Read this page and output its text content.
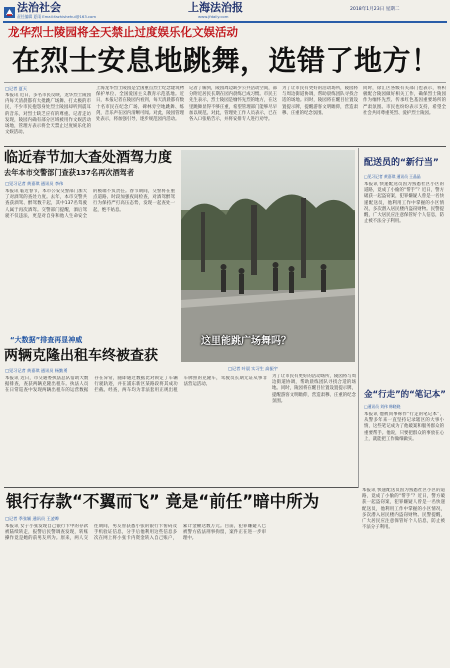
法治社会
责任编辑 夏雨 Email:fazhishehui@163.com
上海法治报
www.jfdaily.com
2018年1月23日 星期二
龙华烈士陵园将全天禁止过度娱乐化文娱活动
在烈士安息地跳舞，选错了地方！
□记者 夏天
本报讯 近日，多名市民反映，龙华烈士陵园内每天清晨都有大批跳广场舞、打太极的市民，不少市民抱怨身处烈士陵园却听到震耳的音乐，对烈士缺乏应有的尊重。记者走访发现，陵园内确有部分区域被用作文娱活动场地，管理方表示将全天禁止过度娱乐化的文娱活动。
上海龙华烈士陵园是全国重点烈士纪念建筑物保护单位、全国爱国主义教育示范基地。近日，本报记者在陵园内看到，每天清晨都有数十名市民在纪念广场、碑林旁空地跳舞、练剑，音乐声在园内清晰可闻。对此，陵园管理处表示，将加强引导，逐步规范园内活动。
记者了解到，陵园周边缺少公共活动空间，部分附近居民长期在园内晨练已成习惯。市民王先生表示，烈士陵园是缅怀先烈的地方，在这里跳舞显得不够庄重，希望管理部门能够尽早加以规范。对此，管理处工作人员表示，已在各入口张贴告示，并将安排专人进行劝导。
为了让市民有更好的活动场所，陵园将与周边街道协调，帮助晨练团队寻找合适的场地。同时，陵园将在醒目位置设置提示牌，提醒游客文明瞻仰，营造肃穆、庄重的纪念氛围。
同时，徐汇区各级有关部门也表示，将积极配合陵园做好相关工作，确保烈士陵园作为缅怀先烈、传承红色基因重要场所的严肃氛围。市民也纷纷表示支持，希望全社会共同尊重英烈、爱护烈士陵园。
临近春节加大查处酒驾力度
去年本市交警部门查获137名再次酒驾者
□见习记者 黄嘉琪 通讯员 李伟
本报讯 临近春节，本市公安交警部门加大了对酒驾的查处力度。去年，本市交警共查获酒驾、醉驾数千起，其中137名驾驶人属于再次酒驾。交警部门提醒，酒后驾驶不仅违法，更是对自身和他人生命安全的极端不负责任。春节期间，交警将在重点道路、时段加强夜间检查，对酒驾醉驾行为保持严打高压态势，发现一起查处一起，绝不姑息。
“大数据”排查再显神威
两辆克隆出租车终被查获
□见习记者 黄嘉琪 通讯员 杨勤勇
本报讯 近日，市交通委执法总队借助大数据排查，查获两辆克隆出租车。执法人员在日常巡查中发现两辆出租车的运营数据存在异常，随即通过数据比对锁定了车辆行驶轨迹，并在浦东新区某路段将其成功拦截。经查，两车均为非法套用正规出租车牌照的克隆车，驾驶员长期无证从事非法营运活动。
这里能跳广场舞吗？
□记者 叶晨 实习生 高振宇
为了让市民有更好的活动场所，陵园将与周边街道协调，帮助晨练团队寻找合适的场地。同时，陵园将在醒目位置设置提示牌，提醒游客文明瞻仰，营造肃穆、庄重的纪念氛围。
配送员的“新行当”
□见习记者 黄嘉琪 通讯员 王晶晶
本报讯 快递配送员因为熟悉社区小区的道路，竟成了小偷的“帮手”？近日，警方破获一起盗窃案，犯罪嫌疑人曾是一名快递配送员，他利用工作中掌握的小区情况，多次潜入居民楼内盗窃财物。民警提醒，广大居民应注意保管好个人信息，防止被不法分子利用。
金“行走”的“笔记本”
□通讯员 刘伟 韩晓晓
本报讯 他被同事称作“行走的笔记本”，从警多年来一直坚持记录辖区的大事小情，这些笔记成为了他破案和服务群众的重要帮手。他说，只要把群众的事放在心上，就能把工作做细做实。
银行存款“不翼而飞” 竟是“前任”暗中所为
□记者 季张颖 通讯员 王凌晔
本报讯 女子小张发现自己银行卡中的存款被陆续转走，报警后民警调查发现，转账操作竟是她的前男友所为。原来，两人交往期间，男友曾获悉小张的银行卡密码及手机验证信息，分手后他利用这些信息多次在网上将小张卡内资金转入自己账户，累计金额达数万元。目前，犯罪嫌疑人已被警方依法刑事拘留，案件正在进一步审理中。
本报讯 快递配送员因为熟悉社区小区的道路，竟成了小偷的“帮手”？近日，警方破获一起盗窃案，犯罪嫌疑人曾是一名快递配送员，他利用工作中掌握的小区情况，多次潜入居民楼内盗窃财物。民警提醒，广大居民应注意保管好个人信息，防止被不法分子利用。
